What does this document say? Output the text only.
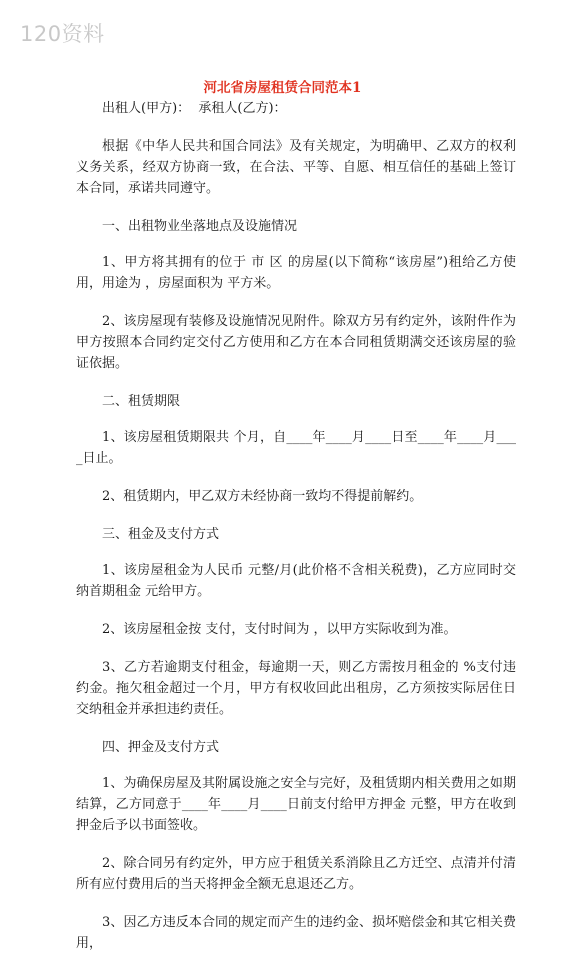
120资料
河北省房屋租赁合同范本1
出租人(甲方)：  承租人(乙方)：
根据《中华人民共和国合同法》及有关规定，为明确甲、乙双方的权利义务关系，经双方协商一致，在合法、平等、自愿、相互信任的基础上签订本合同，承诺共同遵守。
一、出租物业坐落地点及设施情况
1、甲方将其拥有的位于 市 区 的房屋(以下简称“该房屋”)租给乙方使用，用途为 ，房屋面积为 平方米。
2、该房屋现有装修及设施情况见附件。除双方另有约定外，该附件作为甲方按照本合同约定交付乙方使用和乙方在本合同租赁期满交还该房屋的验证依据。
二、租赁期限
1、该房屋租赁期限共 个月，自____年____月____日至____年____月____日止。
2、租赁期内，甲乙双方未经协商一致均不得提前解约。
三、租金及支付方式
1、该房屋租金为人民币 元整/月(此价格不含相关税费)，乙方应同时交纳首期租金 元给甲方。
2、该房屋租金按 支付，支付时间为 ，以甲方实际收到为准。
3、乙方若逾期支付租金，每逾期一天，则乙方需按月租金的 %支付违约金。拖欠租金超过一个月，甲方有权收回此出租房，乙方须按实际居住日交纳租金并承担违约责任。
四、押金及支付方式
1、为确保房屋及其附属设施之安全与完好，及租赁期内相关费用之如期结算，乙方同意于____年____月____日前支付给甲方押金 元整，甲方在收到押金后予以书面签收。
2、除合同另有约定外，甲方应于租赁关系消除且乙方迁空、点清并付清所有应付费用后的当天将押金全额无息退还乙方。
3、因乙方违反本合同的规定而产生的违约金、损坏赔偿金和其它相关费用，
